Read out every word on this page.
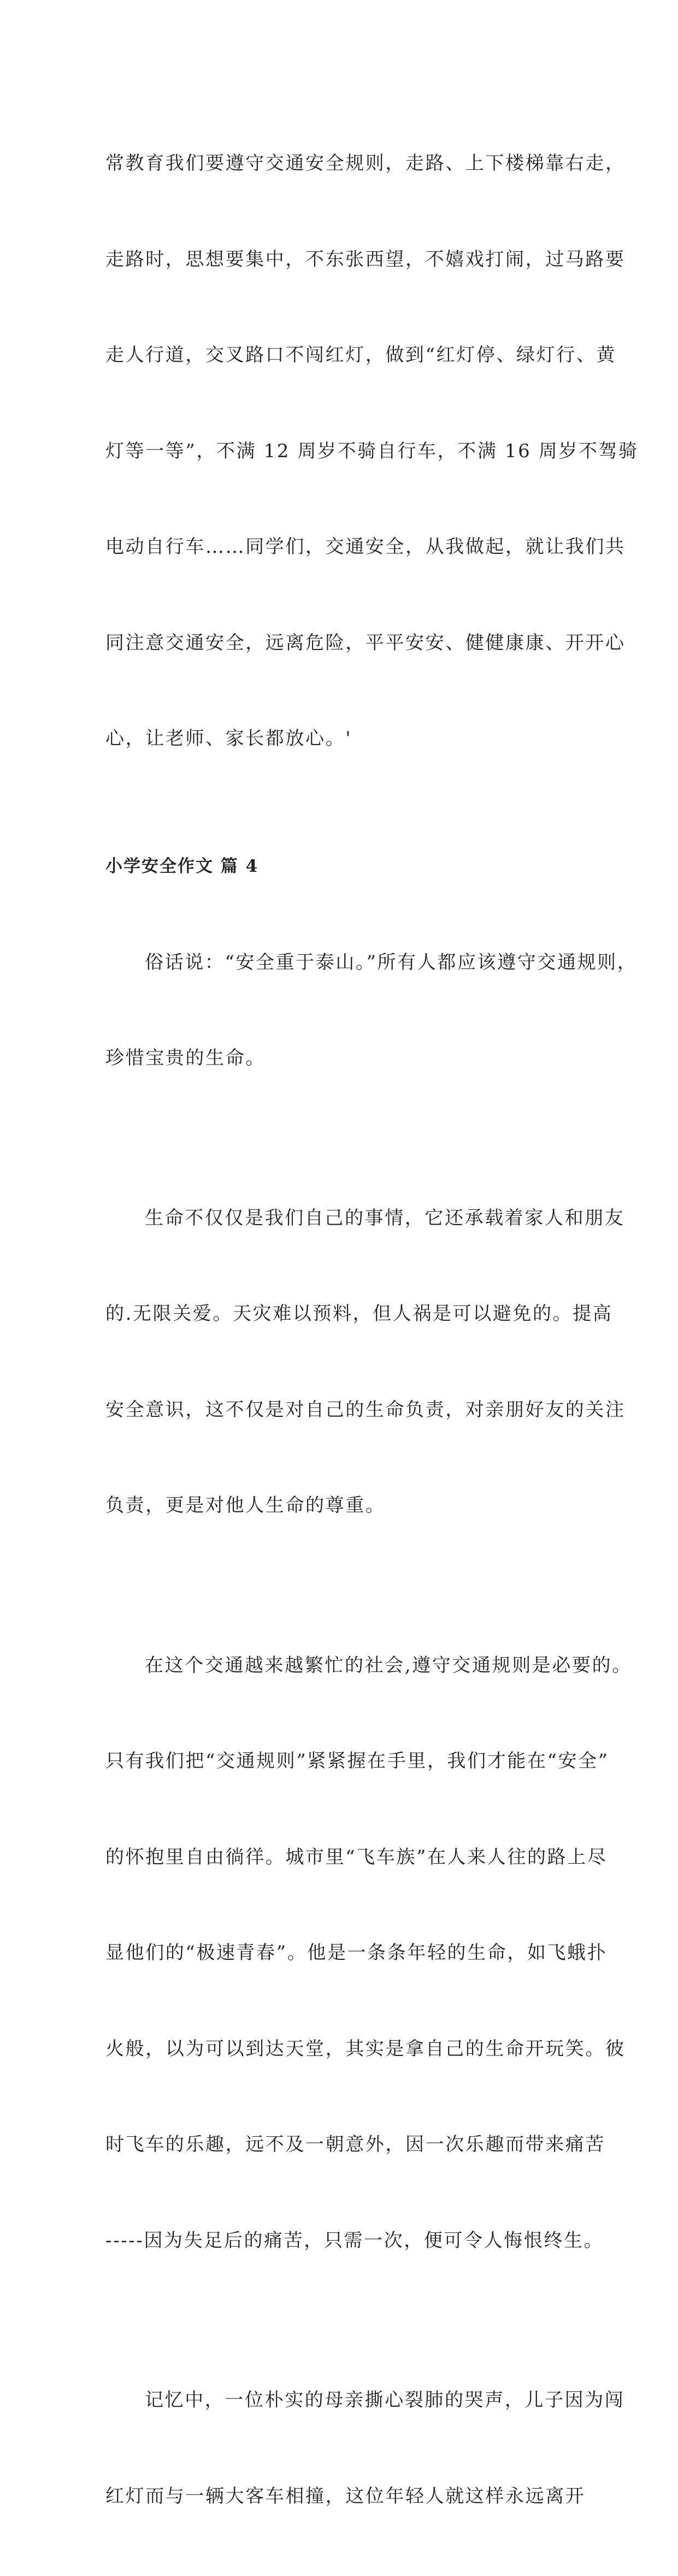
常教育我们要遵守交通安全规则，走路、上下楼梯靠右走，

走路时，思想要集中，不东张西望，不嬉戏打闹，过马路要

走人行道，交叉路口不闯红灯，做到“红灯停、绿灯行、黄

灯等一等”，不满 12 周岁不骑自行车，不满 16 周岁不驾骑

电动自行车……同学们，交通安全，从我做起，就让我们共

同注意交通安全，远离危险，平平安安、健健康康、开开心

心，让老师、家长都放心。'

小学安全作文 篇 4

俗话说：“安全重于泰山。”所有人都应该遵守交通规则，

珍惜宝贵的生命。

生命不仅仅是我们自己的事情，它还承载着家人和朋友

的.无限关爱。天灾难以预料，但人祸是可以避免的。提高

安全意识，这不仅是对自己的生命负责，对亲朋好友的关注

负责，更是对他人生命的尊重。

在这个交通越来越繁忙的社会,遵守交通规则是必要的。

只有我们把“交通规则”紧紧握在手里，我们才能在“安全”

的怀抱里自由徜徉。城市里“飞车族”在人来人往的路上尽

显他们的“极速青春”。他是一条条年轻的生命，如飞蛾扑

火般，以为可以到达天堂，其实是拿自己的生命开玩笑。彼

时飞车的乐趣，远不及一朝意外，因一次乐趣而带来痛苦

-----因为失足后的痛苦，只需一次，便可令人悔恨终生。

记忆中，一位朴实的母亲撕心裂肺的哭声，儿子因为闯

红灯而与一辆大客车相撞，这位年轻人就这样永远离开
